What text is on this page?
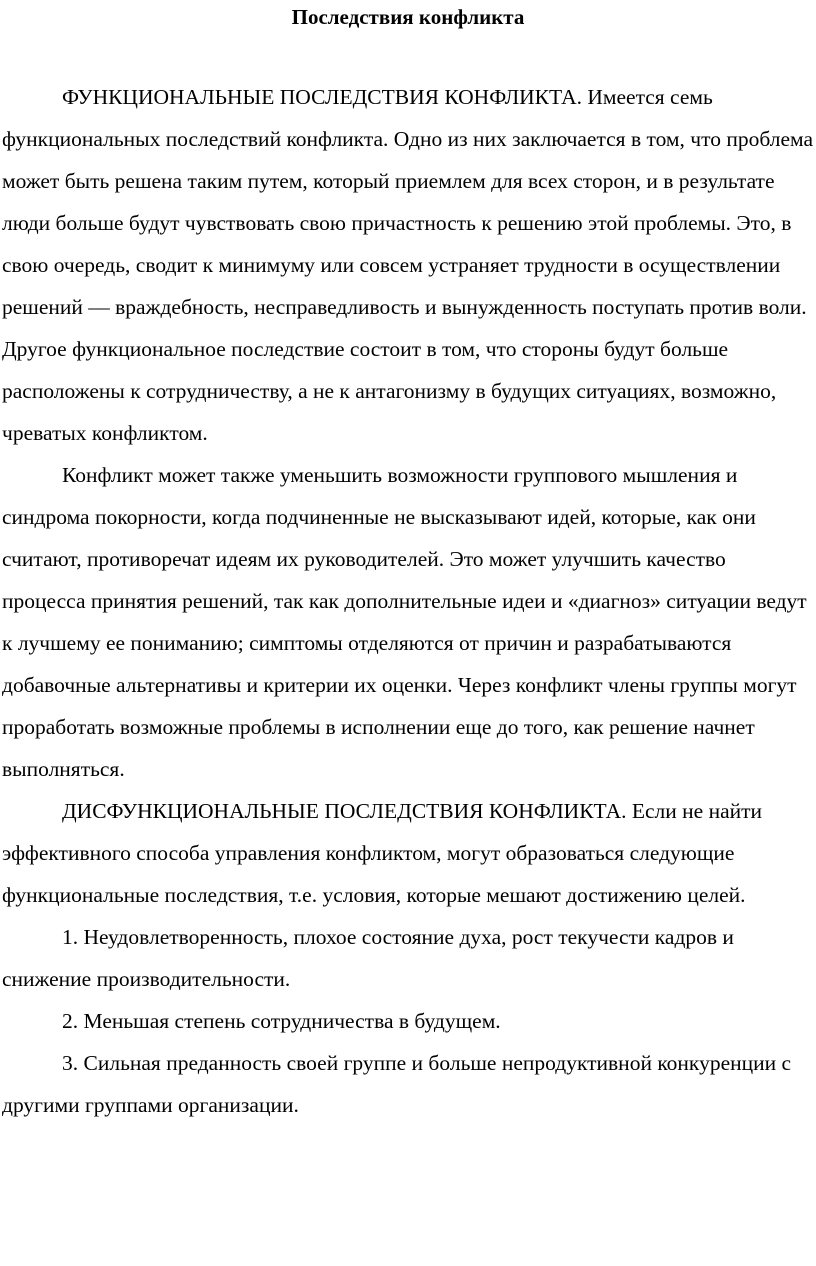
Последствия конфликта

ФУНКЦИОНАЛЬНЫЕ ПОСЛЕДСТВИЯ КОНФЛИКТА. Имеется семь функциональных последствий конфликта. Одно из них заключается в том, что проблема может быть решена таким путем, который приемлем для всех сторон, и в результате люди больше будут чувствовать свою причастность к решению этой проблемы. Это, в свою очередь, сводит к минимуму или совсем устраняет трудности в осуществлении решений — враждебность, несправедливость и вынужденность поступать против воли. Другое функциональное последствие состоит в том, что стороны будут больше расположены к сотрудничеству, а не к антагонизму в будущих ситуациях, возможно, чреватых конфликтом.

Конфликт может также уменьшить возможности группового мышления и синдрома покорности, когда подчиненные не высказывают идей, которые, как они считают, противоречат идеям их руководителей. Это может улучшить качество процесса принятия решений, так как дополнительные идеи и «диагноз» ситуации ведут к лучшему ее пониманию; симптомы отделяются от причин и разрабатываются добавочные альтернативы и критерии их оценки. Через конфликт члены группы могут проработать возможные проблемы в исполнении еще до того, как решение начнет выполняться.

ДИСФУНКЦИОНАЛЬНЫЕ ПОСЛЕДСТВИЯ КОНФЛИКТА. Если не найти эффективного способа управления конфликтом, могут образоваться следующие функциональные последствия, т.е. условия, которые мешают достижению целей.

1. Неудовлетворенность, плохое состояние духа, рост текучести кадров и снижение производительности.

2. Меньшая степень сотрудничества в будущем.

3. Сильная преданность своей группе и больше непродуктивной конкуренции с другими группами организации.
